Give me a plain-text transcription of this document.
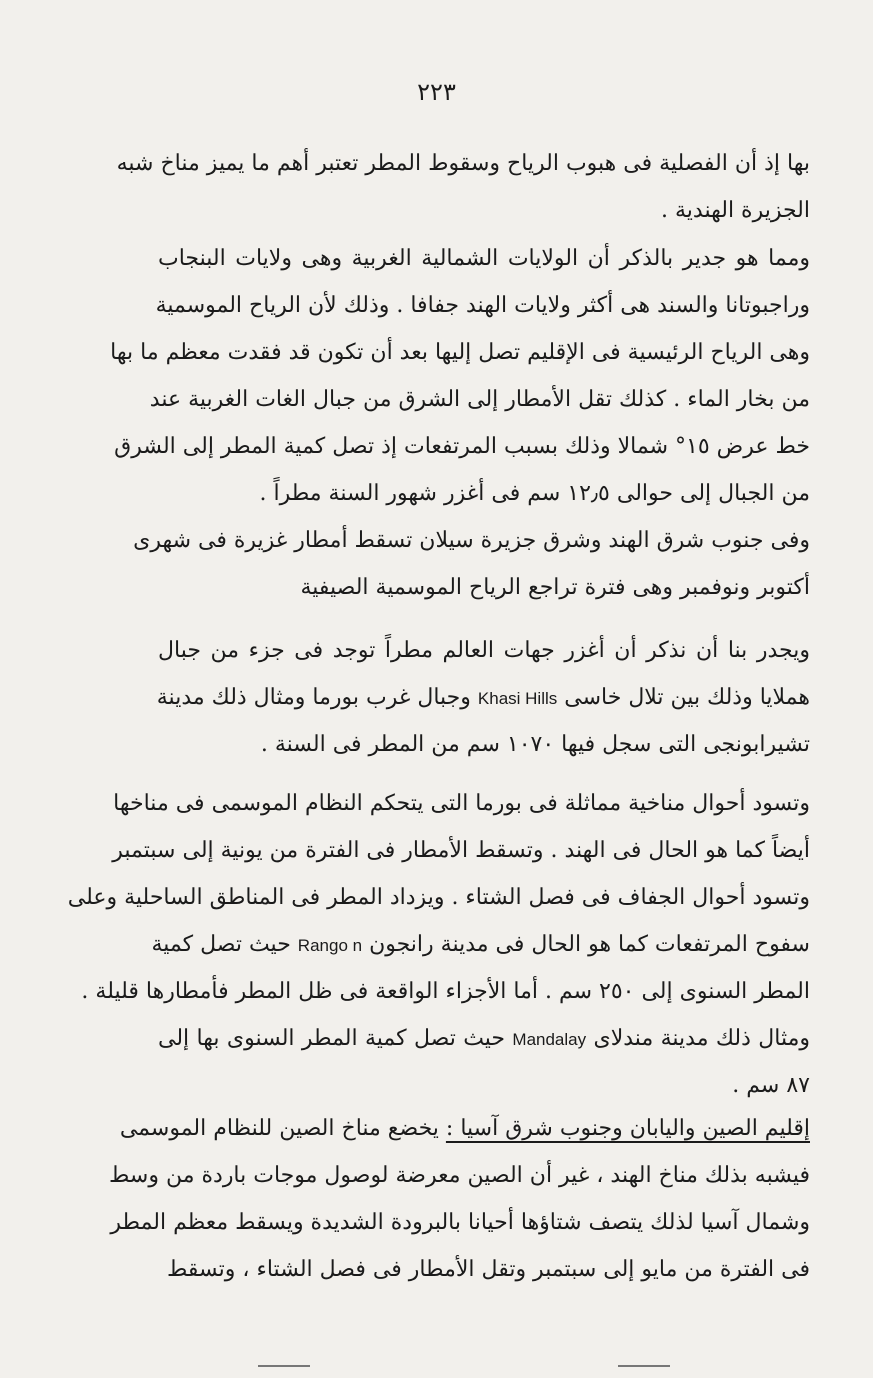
٢٢٣
بها إذ أن الفصلية فى هبوب الرياح وسقوط المطر تعتبر أهم ما يميز مناخ شبه
الجزيرة الهندية .
ومما هو جدير بالذكر أن الولايات الشمالية الغربية وهى ولايات البنجاب
وراجبوتانا والسند هى أكثر ولايات الهند جفافا . وذلك لأن الرياح الموسمية
وهى الرياح الرئيسية فى الإقليم تصل إليها بعد أن تكون قد فقدت معظم ما بها
من بخار الماء . كذلك تقل الأمطار إلى الشرق من جبال الغات الغربية عند
خط عرض ١٥° شمالا وذلك بسبب المرتفعات إذ تصل كمية المطر إلى الشرق
من الجبال إلى حوالى ١٢٫٥ سم فى أغزر شهور السنة مطراً .
وفى جنوب شرق الهند وشرق جزيرة سيلان تسقط أمطار غزيرة فى شهرى
أكتوبر ونوفمبر وهى فترة تراجع الرياح الموسمية الصيفية
ويجدر بنا أن نذكر أن أغزر جهات العالم مطراً توجد فى جزء من جبال
هملايا وذلك بين تلال خاسى Khasi Hills وجبال غرب بورما ومثال ذلك مدينة
تشيرابونجى التى سجل فيها ١٠٧٠ سم من المطر فى السنة .
وتسود أحوال مناخية مماثلة فى بورما التى يتحكم النظام الموسمى فى مناخها
أيضاً كما هو الحال فى الهند . وتسقط الأمطار فى الفترة من يونية إلى سبتمبر
وتسود أحوال الجفاف فى فصل الشتاء . ويزداد المطر فى المناطق الساحلية وعلى
سفوح المرتفعات كما هو الحال فى مدينة رانجون Rango n حيث تصل كمية
المطر السنوى إلى ٢٥٠ سم . أما الأجزاء الواقعة فى ظل المطر فأمطارها قليلة .
ومثال ذلك مدينة مندلاى Mandalay حيث تصل كمية المطر السنوى بها إلى
٨٧ سم .
إقليم الصين واليابان وجنوب شرق آسيا : يخضع مناخ الصين للنظام الموسمى
فيشبه بذلك مناخ الهند ، غير أن الصين معرضة لوصول موجات باردة من وسط
وشمال آسيا لذلك يتصف شتاؤها أحيانا بالبرودة الشديدة ويسقط معظم المطر
فى الفترة من مايو إلى سبتمبر وتقل الأمطار فى فصل الشتاء ، وتسقط
